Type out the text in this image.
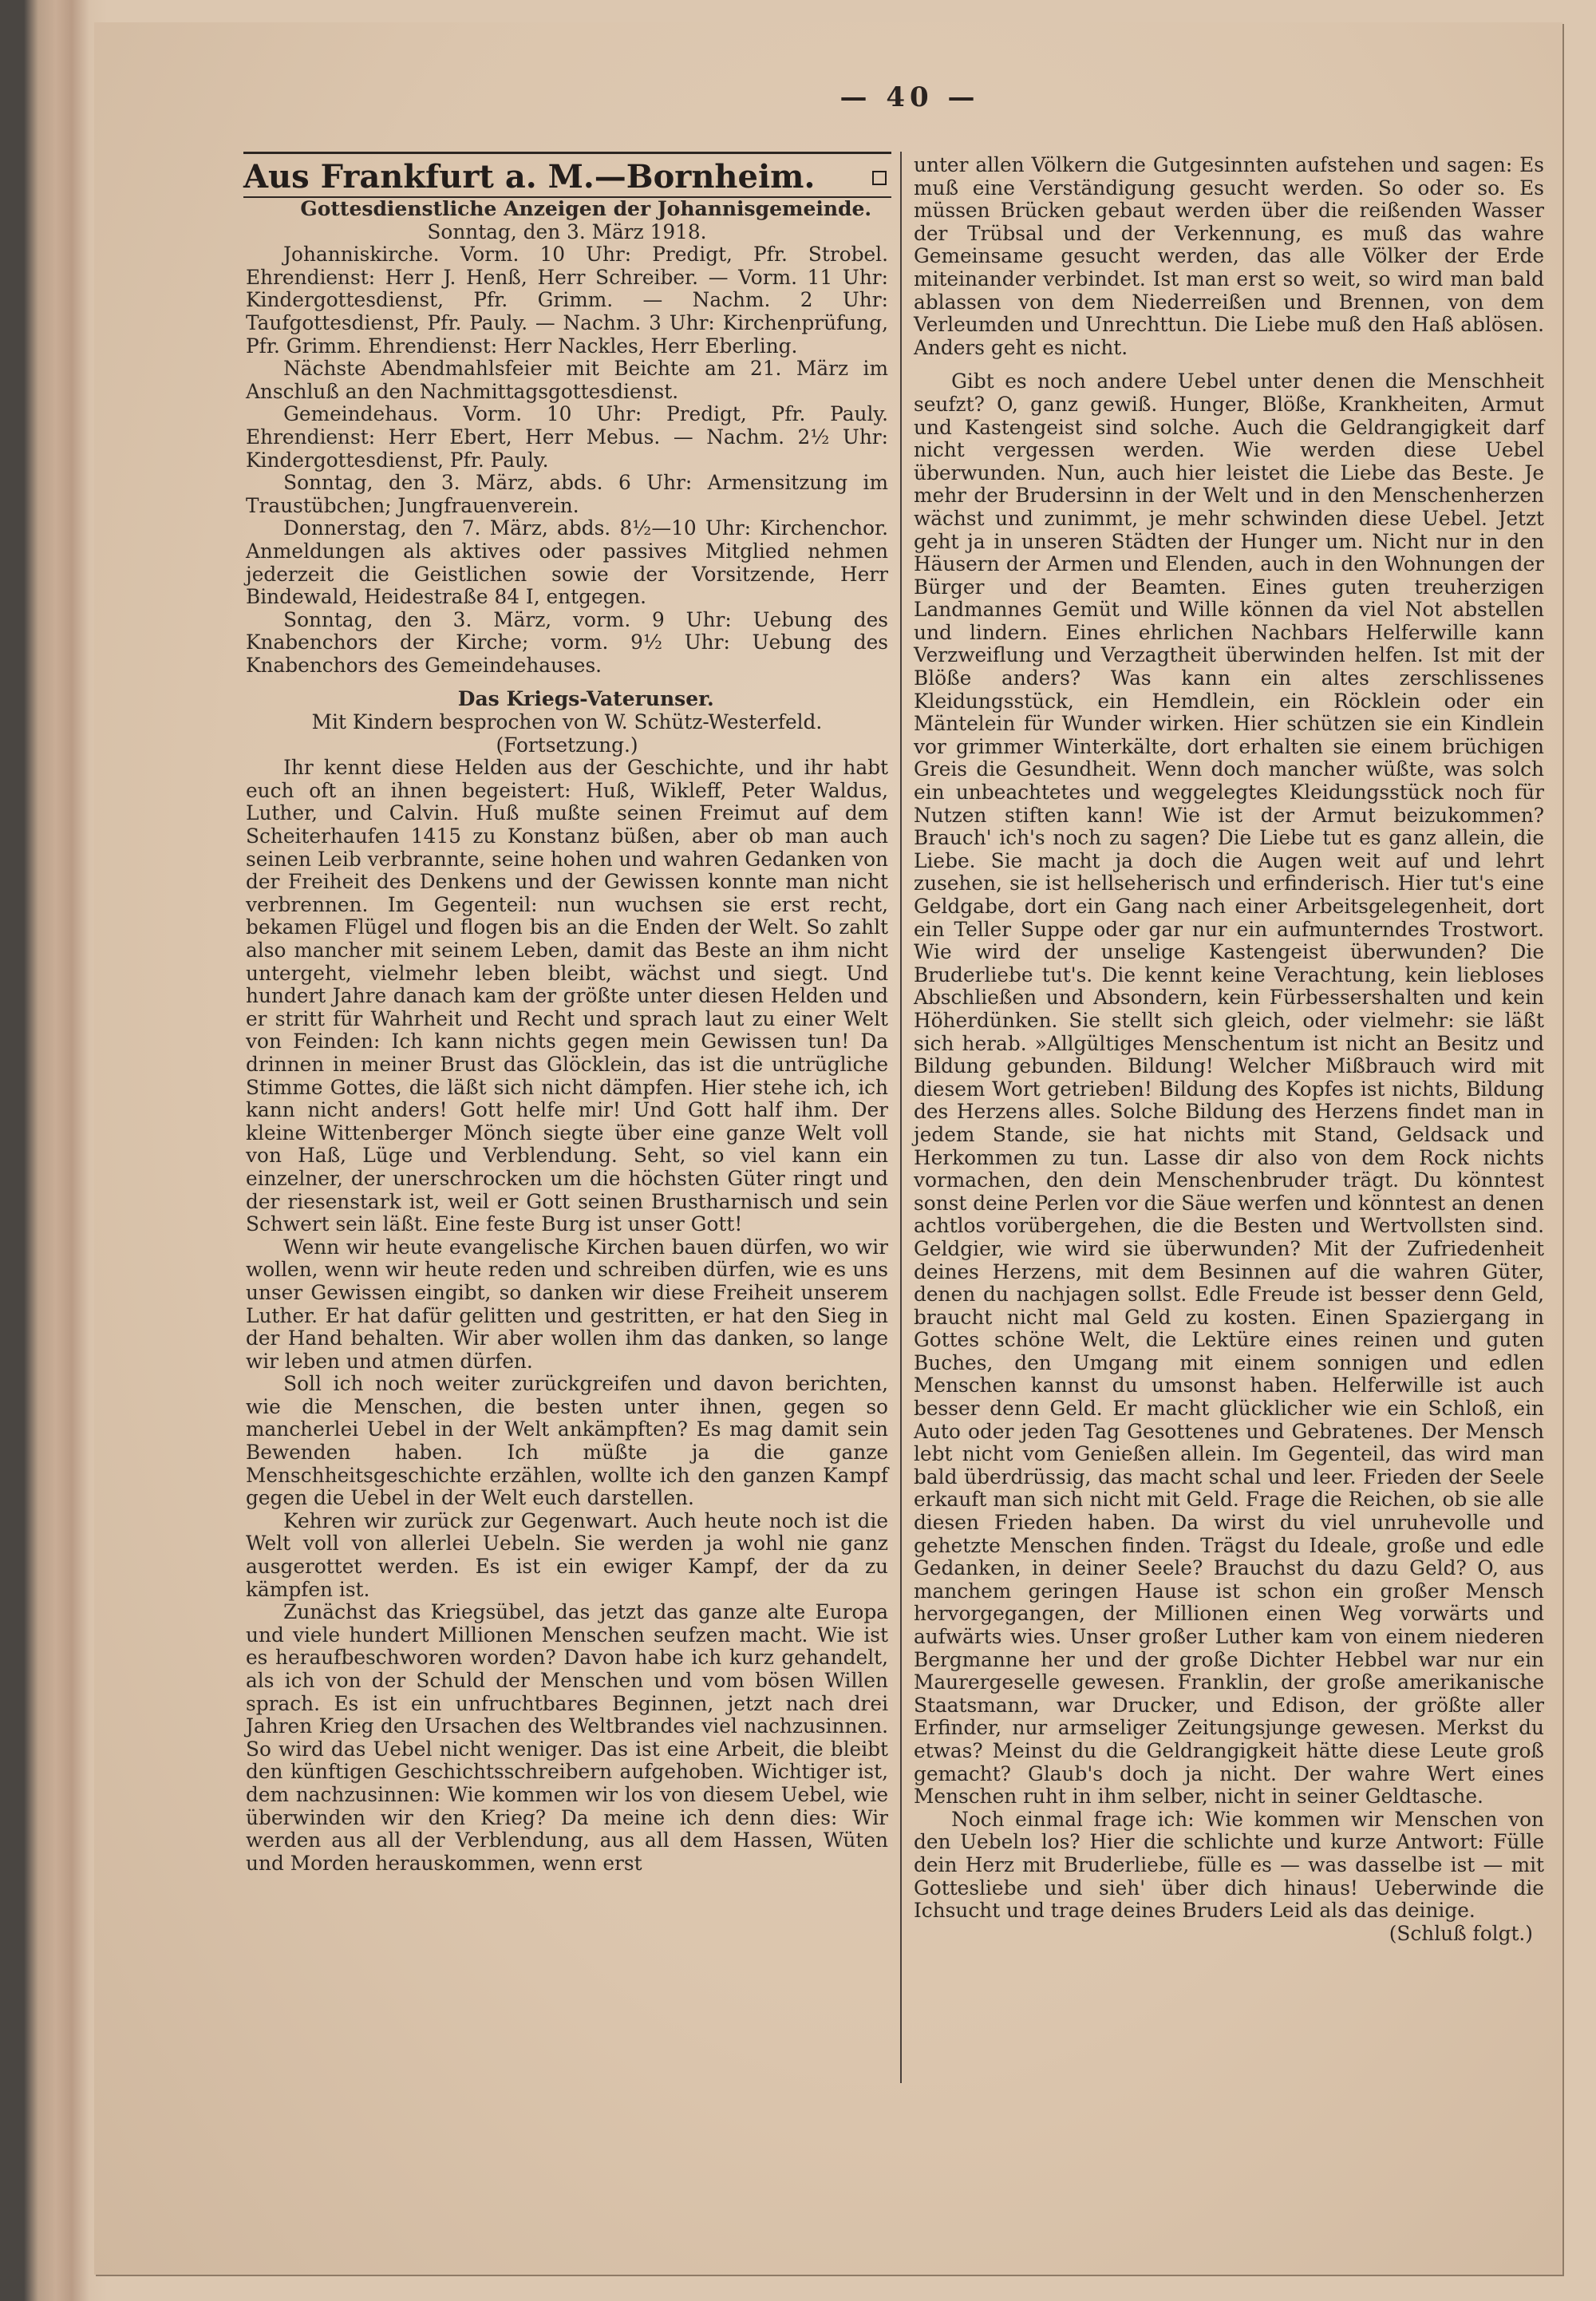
— 40 —
Aus Frankfurt a. M.—Bornheim.

Gottesdienstliche Anzeigen der Johannisgemeinde.

Sonntag, den 3. März 1918.

Johanniskirche. Vorm. 10 Uhr: Predigt, Pfr. Strobel. Ehrendienst: Herr J. Henß, Herr Schreiber. — Vorm. 11 Uhr: Kindergottesdienst, Pfr. Grimm. — Nachm. 2 Uhr: Taufgottesdienst, Pfr. Pauly. — Nachm. 3 Uhr: Kirchenprüfung, Pfr. Grimm. Ehrendienst: Herr Nackles, Herr Eberling.

Nächste Abendmahlsfeier mit Beichte am 21. März im Anschluß an den Nachmittagsgottesdienst.

Gemeindehaus. Vorm. 10 Uhr: Predigt, Pfr. Pauly. Ehrendienst: Herr Ebert, Herr Mebus. — Nachm. 2½ Uhr: Kindergottesdienst, Pfr. Pauly.

Sonntag, den 3. März, abds. 6 Uhr: Armensitzung im Traustübchen; Jungfrauenverein.

Donnerstag, den 7. März, abds. 8½—10 Uhr: Kirchenchor. Anmeldungen als aktives oder passives Mitglied nehmen jederzeit die Geistlichen sowie der Vorsitzende, Herr Bindewald, Heidestraße 84 I, entgegen.

Sonntag, den 3. März, vorm. 9 Uhr: Uebung des Knabenchors der Kirche; vorm. 9½ Uhr: Uebung des Knabenchors des Gemeindehauses.

Das Kriegs-Vaterunser.

Mit Kindern besprochen von W. Schütz-Westerfeld.

(Fortsetzung.)

Ihr kennt diese Helden aus der Geschichte, und ihr habt euch oft an ihnen begeistert: Huß, Wikleff, Peter Waldus, Luther, und Calvin. Huß mußte seinen Freimut auf dem Scheiterhaufen 1415 zu Konstanz büßen, aber ob man auch seinen Leib verbrannte, seine hohen und wahren Gedanken von der Freiheit des Denkens und der Gewissen konnte man nicht verbrennen. Im Gegenteil: nun wuchsen sie erst recht, bekamen Flügel und flogen bis an die Enden der Welt. So zahlt also mancher mit seinem Leben, damit das Beste an ihm nicht untergeht, vielmehr leben bleibt, wächst und siegt. Und hundert Jahre danach kam der größte unter diesen Helden und er stritt für Wahrheit und Recht und sprach laut zu einer Welt von Feinden: Ich kann nichts gegen mein Gewissen tun! Da drinnen in meiner Brust das Glöcklein, das ist die untrügliche Stimme Gottes, die läßt sich nicht dämpfen. Hier stehe ich, ich kann nicht anders! Gott helfe mir! Und Gott half ihm. Der kleine Wittenberger Mönch siegte über eine ganze Welt voll von Haß, Lüge und Verblendung. Seht, so viel kann ein einzelner, der unerschrocken um die höchsten Güter ringt und der riesenstark ist, weil er Gott seinen Brustharnisch und sein Schwert sein läßt. Eine feste Burg ist unser Gott!

Wenn wir heute evangelische Kirchen bauen dürfen, wo wir wollen, wenn wir heute reden und schreiben dürfen, wie es uns unser Gewissen eingibt, so danken wir diese Freiheit unserem Luther. Er hat dafür gelitten und gestritten, er hat den Sieg in der Hand behalten. Wir aber wollen ihm das danken, so lange wir leben und atmen dürfen.

Soll ich noch weiter zurückgreifen und davon berichten, wie die Menschen, die besten unter ihnen, gegen so mancherlei Uebel in der Welt ankämpften? Es mag damit sein Bewenden haben. Ich müßte ja die ganze Menschheitsgeschichte erzählen, wollte ich den ganzen Kampf gegen die Uebel in der Welt euch darstellen.

Kehren wir zurück zur Gegenwart. Auch heute noch ist die Welt voll von allerlei Uebeln. Sie werden ja wohl nie ganz ausgerottet werden. Es ist ein ewiger Kampf, der da zu kämpfen ist.

Zunächst das Kriegsübel, das jetzt das ganze alte Europa und viele hundert Millionen Menschen seufzen macht. Wie ist es heraufbeschworen worden? Davon habe ich kurz gehandelt, als ich von der Schuld der Menschen und vom bösen Willen sprach. Es ist ein unfruchtbares Beginnen, jetzt nach drei Jahren Krieg den Ursachen des Weltbrandes viel nachzusinnen. So wird das Uebel nicht weniger. Das ist eine Arbeit, die bleibt den künftigen Geschichtsschreibern aufgehoben. Wichtiger ist, dem nachzusinnen: Wie kommen wir los von diesem Uebel, wie überwinden wir den Krieg? Da meine ich denn dies: Wir werden aus all der Verblendung, aus all dem Hassen, Wüten und Morden herauskommen, wenn erst

unter allen Völkern die Gutgesinnten aufstehen und sagen: Es muß eine Verständigung gesucht werden. So oder so. Es müssen Brücken gebaut werden über die reißenden Wasser der Trübsal und der Verkennung, es muß das wahre Gemeinsame gesucht werden, das alle Völker der Erde miteinander verbindet. Ist man erst so weit, so wird man bald ablassen von dem Niederreißen und Brennen, von dem Verleumden und Unrechttun. Die Liebe muß den Haß ablösen. Anders geht es nicht.

Gibt es noch andere Uebel unter denen die Menschheit seufzt? O, ganz gewiß. Hunger, Blöße, Krankheiten, Armut und Kastengeist sind solche. Auch die Geldrangigkeit darf nicht vergessen werden. Wie werden diese Uebel überwunden. Nun, auch hier leistet die Liebe das Beste. Je mehr der Brudersinn in der Welt und in den Menschenherzen wächst und zunimmt, je mehr schwinden diese Uebel. Jetzt geht ja in unseren Städten der Hunger um. Nicht nur in den Häusern der Armen und Elenden, auch in den Wohnungen der Bürger und der Beamten. Eines guten treuherzigen Landmannes Gemüt und Wille können da viel Not abstellen und lindern. Eines ehrlichen Nachbars Helferwille kann Verzweiflung und Verzagtheit überwinden helfen. Ist mit der Blöße anders? Was kann ein altes zerschlissenes Kleidungsstück, ein Hemdlein, ein Röcklein oder ein Mäntelein für Wunder wirken. Hier schützen sie ein Kindlein vor grimmer Winterkälte, dort erhalten sie einem brüchigen Greis die Gesundheit. Wenn doch mancher wüßte, was solch ein unbeachtetes und weggelegtes Kleidungsstück noch für Nutzen stiften kann! Wie ist der Armut beizukommen? Brauch' ich's noch zu sagen? Die Liebe tut es ganz allein, die Liebe. Sie macht ja doch die Augen weit auf und lehrt zusehen, sie ist hellseherisch und erfinderisch. Hier tut's eine Geldgabe, dort ein Gang nach einer Arbeitsgelegenheit, dort ein Teller Suppe oder gar nur ein aufmunterndes Trostwort. Wie wird der unselige Kastengeist überwunden? Die Bruderliebe tut's. Die kennt keine Verachtung, kein liebloses Abschließen und Absondern, kein Fürbessershalten und kein Höherdünken. Sie stellt sich gleich, oder vielmehr: sie läßt sich herab. »Allgültiges Menschentum ist nicht an Besitz und Bildung gebunden. Bildung! Welcher Mißbrauch wird mit diesem Wort getrieben! Bildung des Kopfes ist nichts, Bildung des Herzens alles. Solche Bildung des Herzens findet man in jedem Stande, sie hat nichts mit Stand, Geldsack und Herkommen zu tun. Lasse dir also von dem Rock nichts vormachen, den dein Menschenbruder trägt. Du könntest sonst deine Perlen vor die Säue werfen und könntest an denen achtlos vorübergehen, die die Besten und Wertvollsten sind. Geldgier, wie wird sie überwunden? Mit der Zufriedenheit deines Herzens, mit dem Besinnen auf die wahren Güter, denen du nachjagen sollst. Edle Freude ist besser denn Geld, braucht nicht mal Geld zu kosten. Einen Spaziergang in Gottes schöne Welt, die Lektüre eines reinen und guten Buches, den Umgang mit einem sonnigen und edlen Menschen kannst du umsonst haben. Helferwille ist auch besser denn Geld. Er macht glücklicher wie ein Schloß, ein Auto oder jeden Tag Gesottenes und Gebratenes. Der Mensch lebt nicht vom Genießen allein. Im Gegenteil, das wird man bald überdrüssig, das macht schal und leer. Frieden der Seele erkauft man sich nicht mit Geld. Frage die Reichen, ob sie alle diesen Frieden haben. Da wirst du viel unruhevolle und gehetzte Menschen finden. Trägst du Ideale, große und edle Gedanken, in deiner Seele? Brauchst du dazu Geld? O, aus manchem geringen Hause ist schon ein großer Mensch hervorgegangen, der Millionen einen Weg vorwärts und aufwärts wies. Unser großer Luther kam von einem niederen Bergmanne her und der große Dichter Hebbel war nur ein Maurergeselle gewesen. Franklin, der große amerikanische Staatsmann, war Drucker, und Edison, der größte aller Erfinder, nur armseliger Zeitungsjunge gewesen. Merkst du etwas? Meinst du die Geldrangigkeit hätte diese Leute groß gemacht? Glaub's doch ja nicht. Der wahre Wert eines Menschen ruht in ihm selber, nicht in seiner Geldtasche.

Noch einmal frage ich: Wie kommen wir Menschen von den Uebeln los? Hier die schlichte und kurze Antwort: Fülle dein Herz mit Bruderliebe, fülle es — was dasselbe ist — mit Gottesliebe und sieh' über dich hinaus! Ueberwinde die Ichsucht und trage deines Bruders Leid als das deinige.

(Schluß folgt.)
